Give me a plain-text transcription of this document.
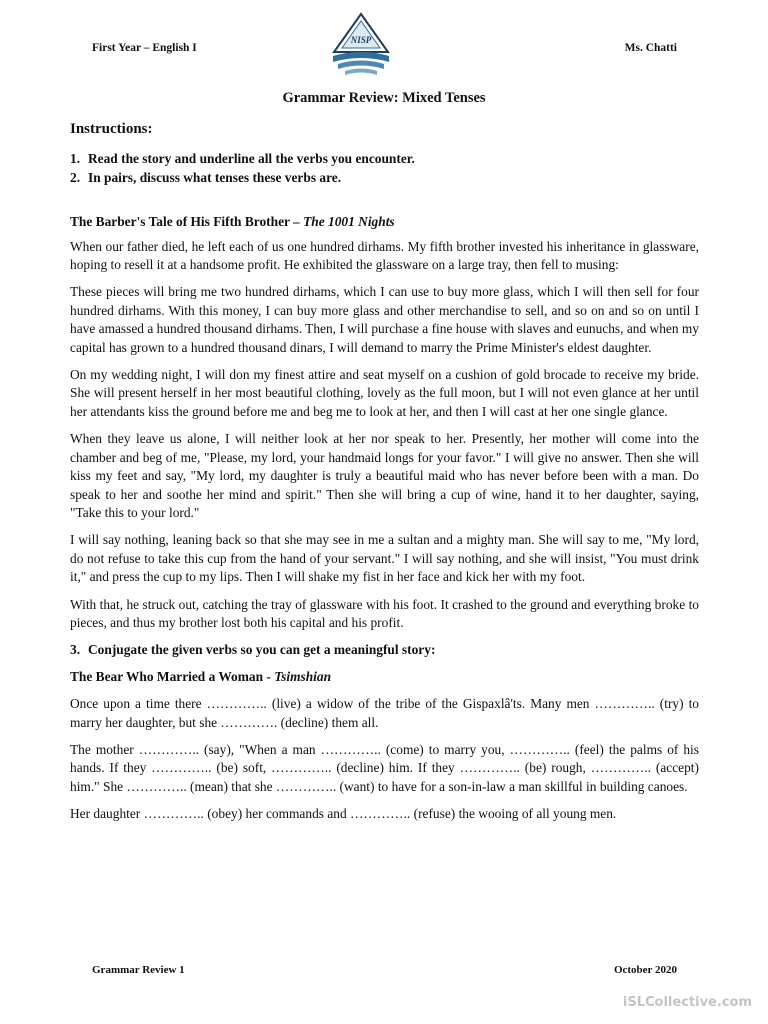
First Year – English I
NISP
Ms. Chatti
Grammar Review: Mixed Tenses
Instructions:
1. Read the story and underline all the verbs you encounter.
2. In pairs, discuss what tenses these verbs are.
The Barber's Tale of His Fifth Brother – The 1001 Nights

When our father died, he left each of us one hundred dirhams. My fifth brother invested his inheritance in glassware, hoping to resell it at a handsome profit. He exhibited the glassware on a large tray, then fell to musing:

These pieces will bring me two hundred dirhams, which I can use to buy more glass, which I will then sell for four hundred dirhams. With this money, I can buy more glass and other merchandise to sell, and so on and so on until I have amassed a hundred thousand dirhams. Then, I will purchase a fine house with slaves and eunuchs, and when my capital has grown to a hundred thousand dinars, I will demand to marry the Prime Minister's eldest daughter.

On my wedding night, I will don my finest attire and seat myself on a cushion of gold brocade to receive my bride. She will present herself in her most beautiful clothing, lovely as the full moon, but I will not even glance at her until her attendants kiss the ground before me and beg me to look at her, and then I will cast at her one single glance.

When they leave us alone, I will neither look at her nor speak to her. Presently, her mother will come into the chamber and beg of me, "Please, my lord, your handmaid longs for your favor." I will give no answer. Then she will kiss my feet and say, "My lord, my daughter is truly a beautiful maid who has never before been with a man. Do speak to her and soothe her mind and spirit." Then she will bring a cup of wine, hand it to her daughter, saying, "Take this to your lord."

I will say nothing, leaning back so that she may see in me a sultan and a mighty man. She will say to me, "My lord, do not refuse to take this cup from the hand of your servant." I will say nothing, and she will insist, "You must drink it," and press the cup to my lips. Then I will shake my fist in her face and kick her with my foot.

With that, he struck out, catching the tray of glassware with his foot. It crashed to the ground and everything broke to pieces, and thus my brother lost both his capital and his profit.

3. Conjugate the given verbs so you can get a meaningful story:
The Bear Who Married a Woman - Tsimshian

Once upon a time there ………….. (live) a widow of the tribe of the Gispaxlâ'ts. Many men ………….. (try) to marry her daughter, but she …………. (decline) them all.

The mother ………….. (say), "When a man ………….. (come) to marry you, ………….. (feel) the palms of his hands. If they ………….. (be) soft, ………….. (decline) him. If they ………….. (be) rough, ………….. (accept) him." She ………….. (mean) that she ………….. (want) to have for a son-in-law a man skillful in building canoes.

Her daughter ………….. (obey) her commands and ………….. (refuse) the wooing of all young men.

Grammar Review 1	October 2020
iSLCollective.com
